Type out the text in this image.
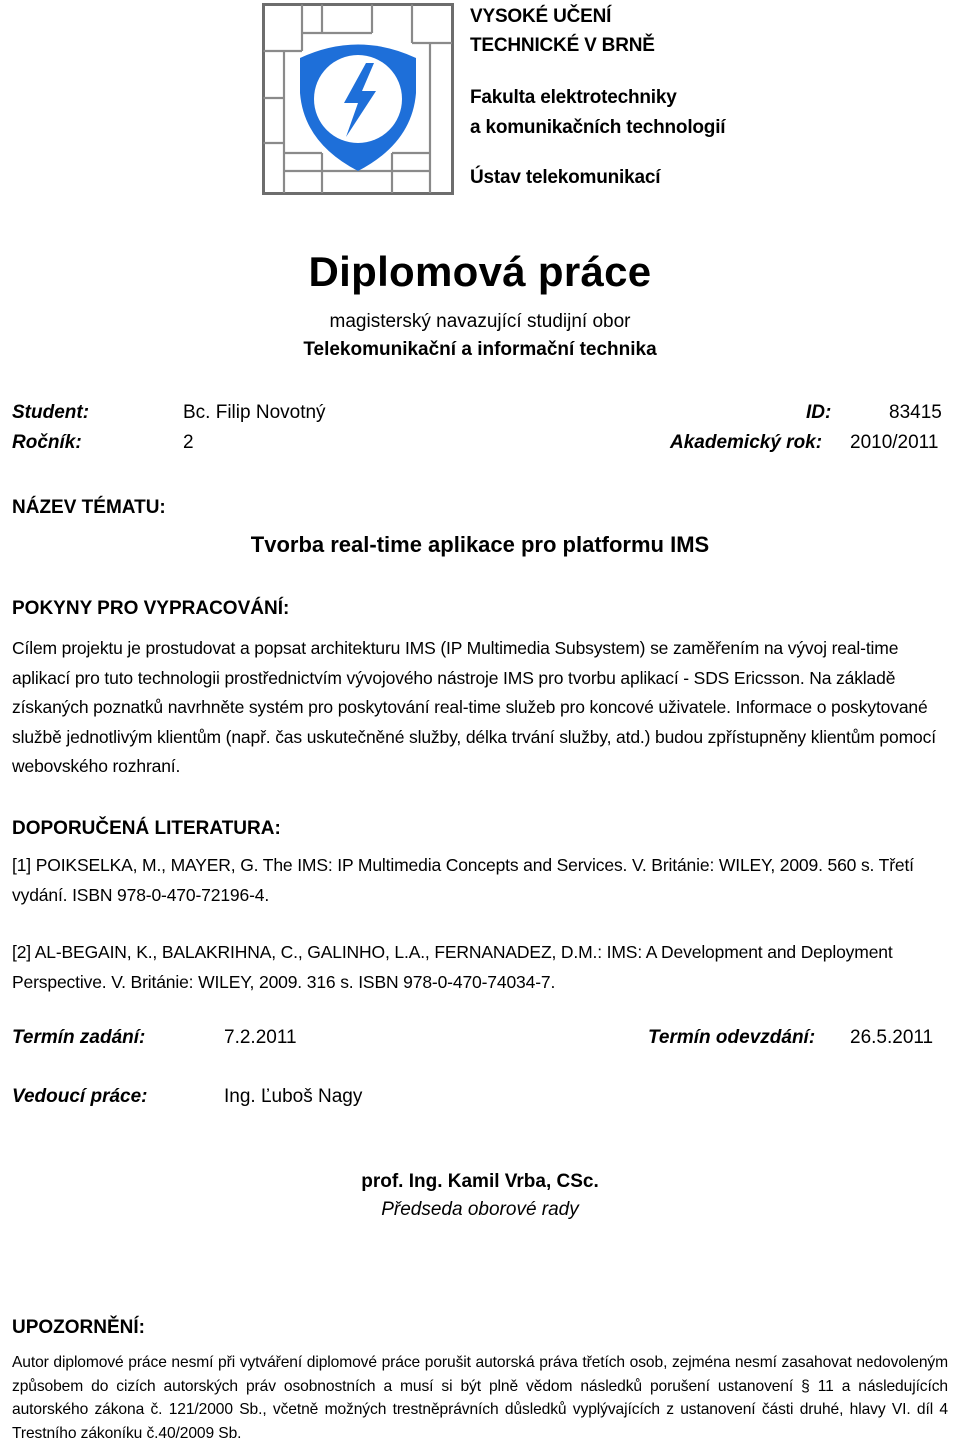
VYSOKÉ UČENÍ
TECHNICKÉ V BRNĚ
Fakulta elektrotechniky
a komunikačních technologií
Ústav telekomunikací
Diplomová práce
magisterský navazující studijní obor
Telekomunikační a informační technika
Student:	Bc. Filip Novotný	ID:	83415
Ročník:	2	Akademický rok: 2010/2011
NÁZEV TÉMATU:
Tvorba real-time aplikace pro platformu IMS
POKYNY PRO VYPRACOVÁNÍ:

Cílem projektu je prostudovat a popsat architekturu IMS (IP Multimedia Subsystem) se zaměřením na vývoj real-time aplikací pro tuto technologii prostřednictvím vývojového nástroje IMS pro tvorbu aplikací - SDS Ericsson. Na základě získaných poznatků navrhněte systém pro poskytování real-time služeb pro koncové uživatele. Informace o poskytované službě jednotlivým klientům (např. čas uskutečněné služby, délka trvání služby, atd.) budou zpřístupněny klientům pomocí webovského rozhraní.

DOPORUČENÁ LITERATURA:

[1] POIKSELKA, M., MAYER, G. The IMS: IP Multimedia Concepts and Services. V. Británie: WILEY, 2009. 560 s. Třetí vydání. ISBN 978-0-470-72196-4.

[2] AL-BEGAIN, K., BALAKRIHNA, C., GALINHO, L.A., FERNANADEZ, D.M.: IMS: A Development and Deployment Perspective. V. Británie: WILEY, 2009. 316 s. ISBN 978-0-470-74034-7.

Termín zadání:	7.2.2011	Termín odevzdání: 26.5.2011
Vedoucí práce:	Ing. Ľuboš Nagy
prof. Ing. Kamil Vrba, CSc.
Předseda oborové rady
UPOZORNĚNÍ:
Autor diplomové práce nesmí při vytváření diplomové práce porušit autorská práva třetích osob, zejména nesmí zasahovat nedovoleným způsobem do cizích autorských práv osobnostních a musí si být plně vědom následků porušení ustanovení § 11 a následujících autorského zákona č. 121/2000 Sb., včetně možných trestněprávních důsledků vyplývajících z ustanovení části druhé, hlavy VI. díl 4 Trestního zákoníku č.40/2009 Sb.
